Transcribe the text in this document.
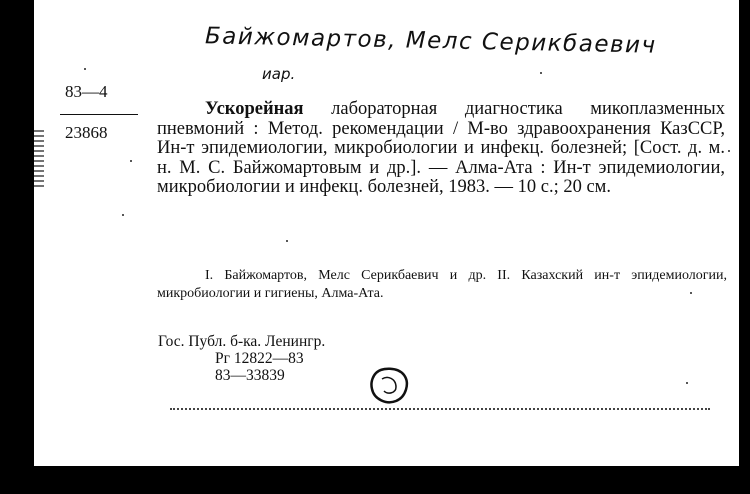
Байжомартов, Мелс Серикбаевич
иар.
83—4
23868
Ускорейная лабораторная диагностика микоплазменных пневмоний : Метод. рекомендации / М-во здравоохранения КазССР, Ин-т эпидемиологии, микробиологии и инфекц. болезней; [Сост. д. м. н. М. С. Байжомартовым и др.]. — Алма-Ата : Ин-т эпидемиологии, микробиологии и инфекц. болезней, 1983. — 10 с.; 20 см.
I. Байжомартов, Мелс Серикбаевич и др. II. Казахский ин-т эпидемиологии, микробиологии и гигиены, Алма-Ата.
Гос. Публ. б-ка. Ленингр.
Рг 12822—83
83—33839
